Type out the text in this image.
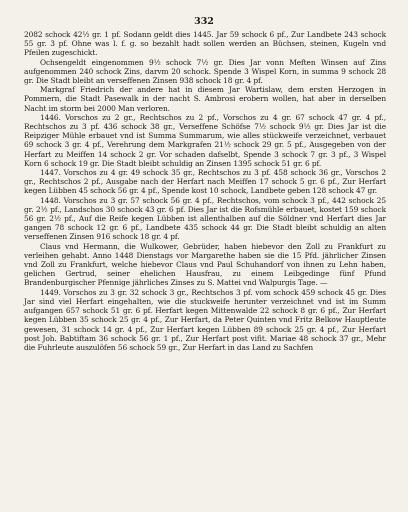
332

2082 schock 42½ gr. 1 pf. Sodann geldt dies 1445. Jar 59 schock 6 pf., Zur Landbete 243 schock 55 gr. 3 pf. Ohne was l. f. g. so bezahlt hadt sollen werden an Büchsen, steinen, Kugeln vnd Pfeilen zugeschickt.

Ochsengeldt eingenommen 9½ schock 7½ gr. Dies Jar vonn Meften Winsen auf Zins aufgenommen 240 schock Zins, darvm 20 schock. Spende 3 Wispel Korn, in summa 9 schock 28 gr. Die Stadt bleibt an verseffenen Zinsen 938 schock 18 gr. 4 pf.

Markgraf Friedrich der andere hat in diesem Jar Wartislaw, dem ersten Herzogen in Pommern, die Stadt Pasewalk in der nacht S. Ambrosi erobern wollen, hat aber in derselben Nacht im storm bei 2000 Man verloren.

1446. Vorschos zu 2 gr., Rechtschos zu 2 pf., Vorschos zu 4 gr. 67 schock 47 gr. 4 pf., Rechtschos zu 3 pf. 436 schock 38 gr., Verseffene Schöfse 7½ schock 9½ gr. Dies Jar ist die Reipziger Mühle erbauet vnd ist Summa Summarum, wie alles stückweife verzeichnet, verbauet 69 schock 3 gr. 4 pf., Verehrung dem Markgrafen 21½ schock 29 gr. 5 pf., Ausgegeben von der Herfart zu Meiffen 14 schock 2 gr. Vor schaden dafselbt, Spende 3 schock 7 gr. 3 pf., 3 Wispel Korn 6 schock 19 gr. Die Stadt bleibt schuldig an Zinsen 1395 schock 51 gr. 6 pf.

1447. Vorschos zu 4 gr. 49 schock 35 gr., Rechtschos zu 3 pf. 458 schock 36 gr., Vorschos 2 gr., Rechtschos 2 pf., Ausgabe nach der Herfart nach Meiffen 17 schock 5 gr. 6 pf., Zur Herfart kegen Lübben 45 schock 56 gr. 4 pf., Spende kost 10 schock, Landbete geben 128 schock 47 gr.

1448. Vorschos zu 3 gr. 57 schock 56 gr. 4 pf., Rechtschos, vom schock 3 pf., 442 schock 25 gr. 2½ pf., Landschos 30 schock 43 gr. 6 pf. Dies Jar ist die Rofsmühle erbauet, kostet 159 schock 56 gr. 2½ pf., Auf die Reife kegen Lübben ist allenthalben auf die Söldner vnd Herfart dies Jar gangen 78 schock 12 gr. 6 pf., Landbete 435 schock 44 gr. Die Stadt bleibt schuldig an alten verseffenen Zinsen 916 schock 18 gr. 4 pf.

Claus vnd Hermann, die Wulkower, Gebrüder, haben hiebevor den Zoll zu Frankfurt zu verleihen gehabt. Anno 1448 Dienstags vor Margarethe haben sie die 15 Pfd. jährlicher Zinsen vnd Zoll zu Frankfurt, welche hiebevor Claus vnd Paul Schuhandorf von ihnen zu Lehn haben, gelichen Gertrud, seiner ehelichen Hausfrau, zu einem Leibgedinge fünf Pfund Brandenburgischer Pfennige jährliches Zinses zu S. Mattei vnd Walpurgis Tage. —

1449. Vorschos zu 3 gr. 32 schock 3 gr., Rechtschos 3 pf. vom schock 459 schock 45 gr. Dies Jar sind viel Herfart eingehalten, wie die stuckweife herunter verzeichnet vnd ist im Summ aufgangen 657 schock 51 gr. 6 pf. Herfart kegen Mittenwalde 22 schock 8 gr. 6 pf., Zur Herfart kegen Lübben 35 schock 25 gr. 4 pf., Zur Herfart, da Peter Quinten vnd Fritz Belkow Hauptleute gewesen, 31 schock 14 gr. 4 pf., Zur Herfart kegen Lübben 89 schock 25 gr. 4 pf., Zur Herfart post Joh. Babtiftam 36 schock 56 gr. 1 pf., Zur Herfart post vifit. Mariae 48 schock 37 gr., Mehr die Fuhrleute auszulöfen 56 schock 59 gr., Zur Herfart in das Land zu Sachfen
